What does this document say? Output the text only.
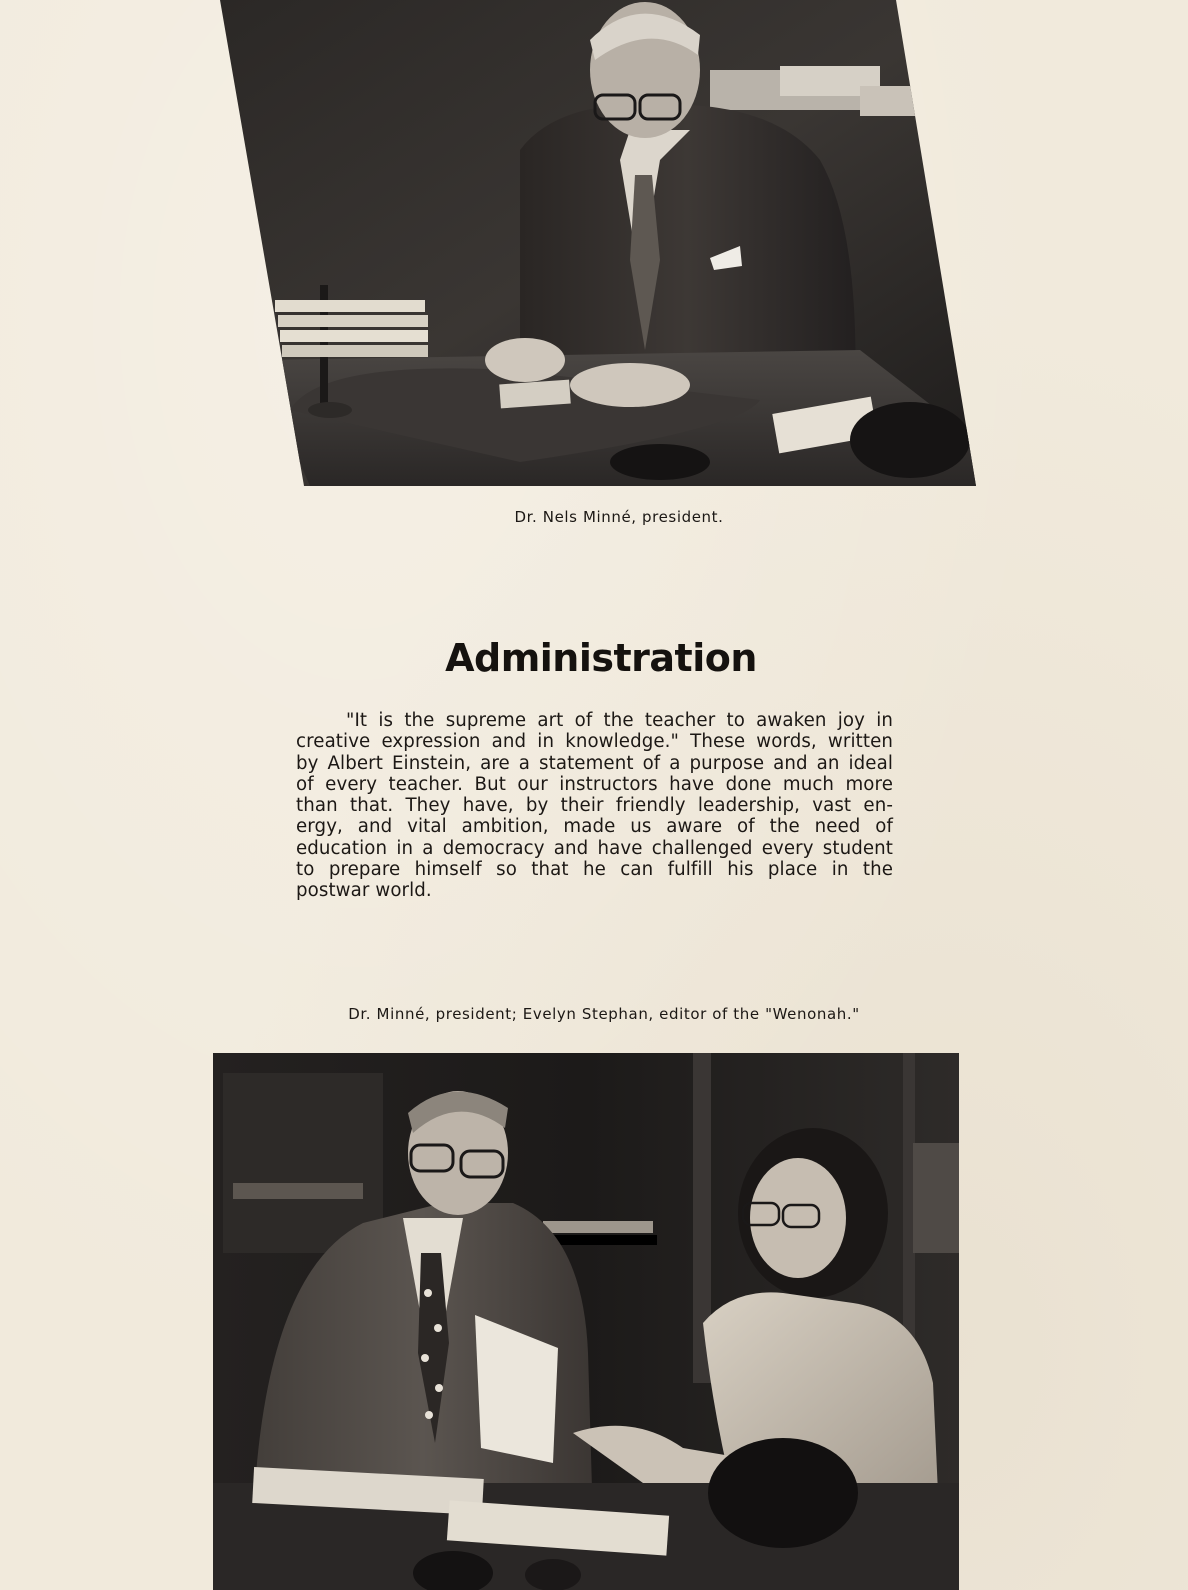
Dr. Nels Minné, president.
Administration
"It is the supreme art of the teacher to awaken joy in
creative expression and in knowledge." These words, written
by Albert Einstein, are a statement of a purpose and an ideal
of every teacher. But our instructors have done much more
than that. They have, by their friendly leadership, vast en-
ergy, and vital ambition, made us aware of the need of
education in a democracy and have challenged every student
to prepare himself so that he can fulfill his place in the
postwar world.
Dr. Minné, president; Evelyn Stephan, editor of the "Wenonah."
